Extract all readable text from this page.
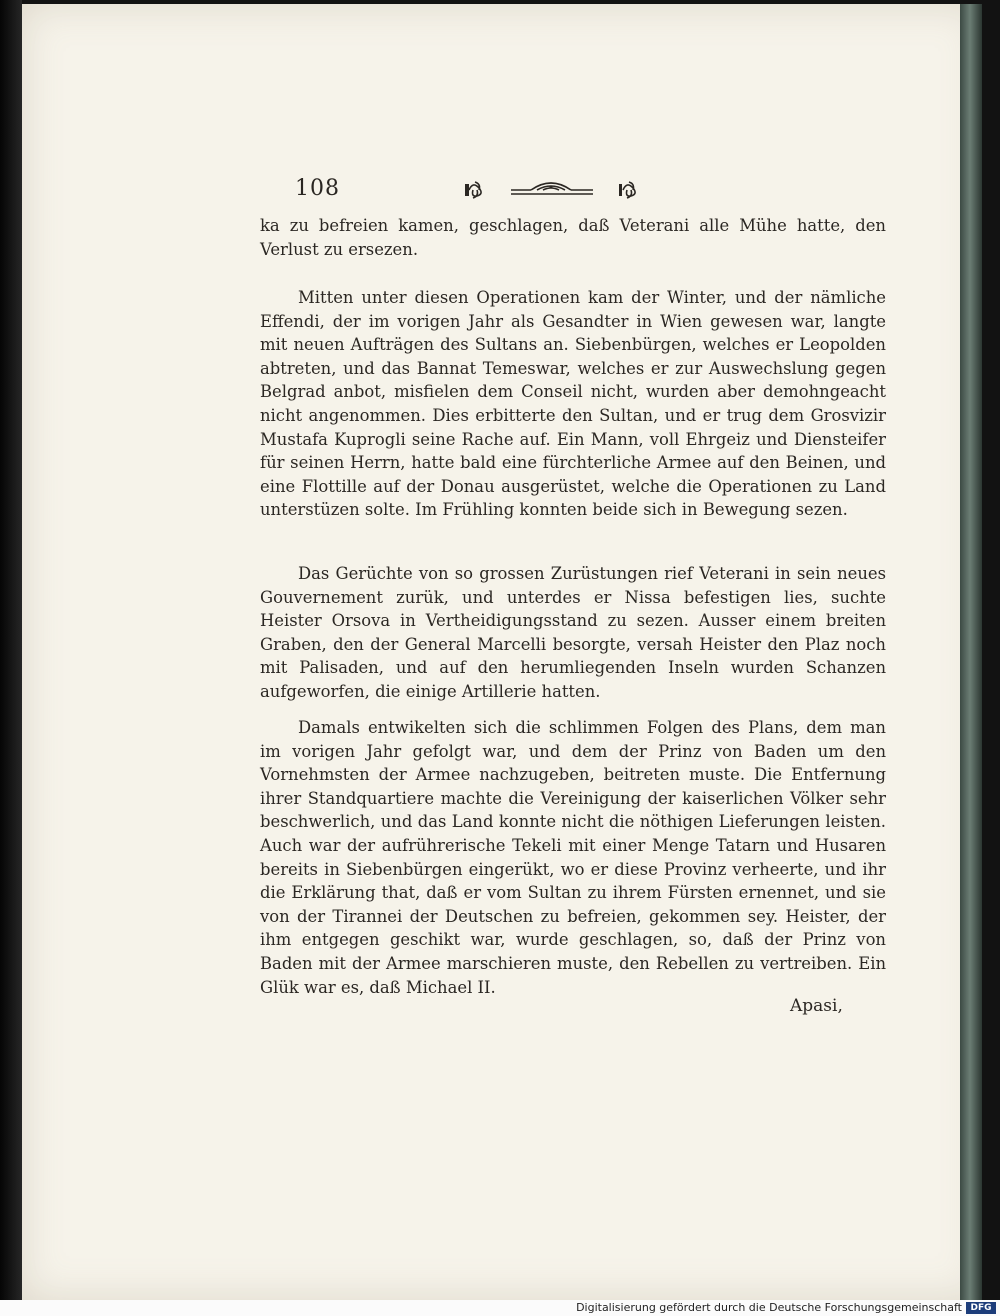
108

ka zu befreien kamen, geschlagen, daß Veterani alle Mühe hatte, den Verlust zu ersezen.

Mitten unter diesen Operationen kam der Winter, und der nämliche Effendi, der im vorigen Jahr als Gesandter in Wien gewesen war, langte mit neuen Aufträgen des Sultans an. Siebenbürgen, welches er Leopolden abtreten, und das Bannat Temeswar, welches er zur Auswechslung gegen Belgrad anbot, misfielen dem Conseil nicht, wurden aber demohngeacht nicht angenommen. Dies erbitterte den Sultan, und er trug dem Grosvizir Mustafa Kuprogli seine Rache auf. Ein Mann, voll Ehrgeiz und Diensteifer für seinen Herrn, hatte bald eine fürchterliche Armee auf den Beinen, und eine Flottille auf der Donau ausgerüstet, welche die Operationen zu Land unterstüzen solte. Im Frühling konnten beide sich in Bewegung sezen.

Das Gerüchte von so grossen Zurüstungen rief Veterani in sein neues Gouvernement zurük, und unterdes er Nissa befestigen lies, suchte Heister Orsova in Vertheidigungsstand zu sezen. Ausser einem breiten Graben, den der General Marcelli besorgte, versah Heister den Plaz noch mit Palisaden, und auf den herumliegenden Inseln wurden Schanzen aufgeworfen, die einige Artillerie hatten.

Damals entwikelten sich die schlimmen Folgen des Plans, dem man im vorigen Jahr gefolgt war, und dem der Prinz von Baden um den Vornehmsten der Armee nachzugeben, beitreten muste. Die Entfernung ihrer Standquartiere machte die Vereinigung der kaiserlichen Völker sehr beschwerlich, und das Land konnte nicht die nöthigen Lieferungen leisten. Auch war der aufrührerische Tekeli mit einer Menge Tatarn und Husaren bereits in Siebenbürgen eingerükt, wo er diese Provinz verheerte, und ihr die Erklärung that, daß er vom Sultan zu ihrem Fürsten ernennet, und sie von der Tirannei der Deutschen zu befreien, gekommen sey. Heister, der ihm entgegen geschikt war, wurde geschlagen, so, daß der Prinz von Baden mit der Armee marschieren muste, den Rebellen zu vertreiben. Ein Glük war es, daß Michael II.

Apasi,
Digitalisierung gefördert durch die Deutsche Forschungsgemeinschaft DFG
